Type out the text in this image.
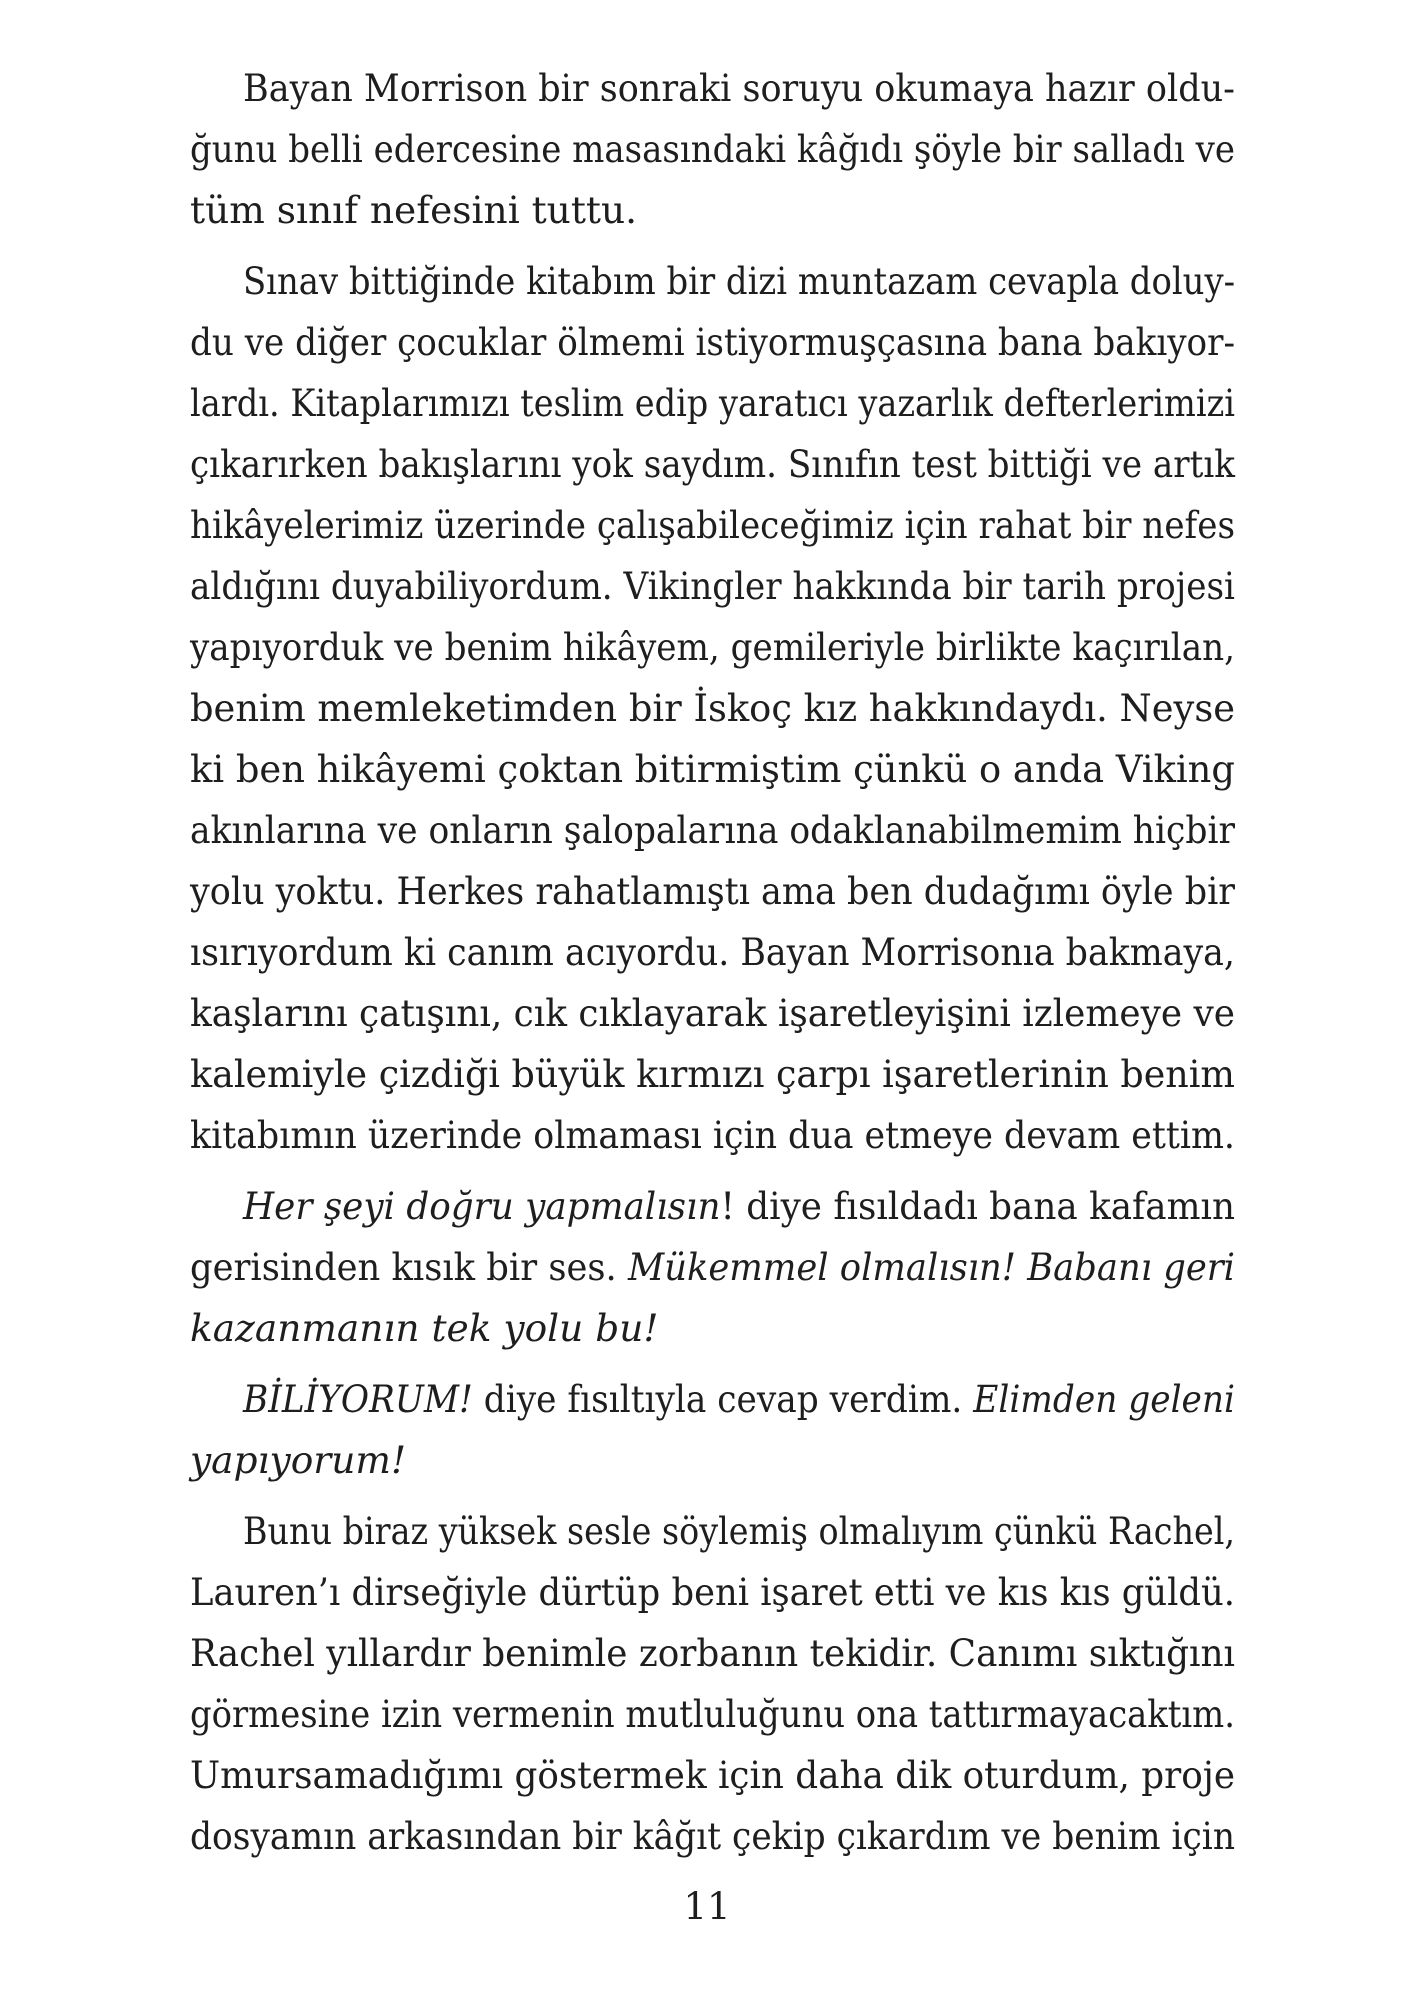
Bayan Morrison bir sonraki soruyu okumaya hazır oldu-
ğunu belli edercesine masasındaki kâğıdı şöyle bir salladı ve
tüm sınıf nefesini tuttu.
Sınav bittiğinde kitabım bir dizi muntazam cevapla doluy-
du ve diğer çocuklar ölmemi istiyormuşçasına bana bakıyor-
lardı. Kitaplarımızı teslim edip yaratıcı yazarlık defterlerimizi
çıkarırken bakışlarını yok saydım. Sınıfın test bittiği ve artık
hikâyelerimiz üzerinde çalışabileceğimiz için rahat bir nefes
aldığını duyabiliyordum. Vikingler hakkında bir tarih projesi
yapıyorduk ve benim hikâyem, gemileriyle birlikte kaçırılan,
benim memleketimden bir İskoç kız hakkındaydı. Neyse
ki ben hikâyemi çoktan bitirmiştim çünkü o anda Viking
akınlarına ve onların şalopalarına odaklanabilmemim hiçbir
yolu yoktu. Herkes rahatlamıştı ama ben dudağımı öyle bir
ısırıyordum ki canım acıyordu. Bayan Morrisonıa bakmaya,
kaşlarını çatışını, cık cıklayarak işaretleyişini izlemeye ve
kalemiyle çizdiği büyük kırmızı çarpı işaretlerinin benim
kitabımın üzerinde olmaması için dua etmeye devam ettim.
Her şeyi doğru yapmalısın! diye fısıldadı bana kafamın
gerisinden kısık bir ses. Mükemmel olmalısın! Babanı geri
kazanmanın tek yolu bu!
BİLİYORUM! diye fısıltıyla cevap verdim. Elimden geleni
yapıyorum!
Bunu biraz yüksek sesle söylemiş olmalıyım çünkü Rachel,
Lauren’ı dirseğiyle dürtüp beni işaret etti ve kıs kıs güldü.
Rachel yıllardır benimle zorbanın tekidir. Canımı sıktığını
görmesine izin vermenin mutluluğunu ona tattırmayacaktım.
Umursamadığımı göstermek için daha dik oturdum, proje
dosyamın arkasından bir kâğıt çekip çıkardım ve benim için
11
